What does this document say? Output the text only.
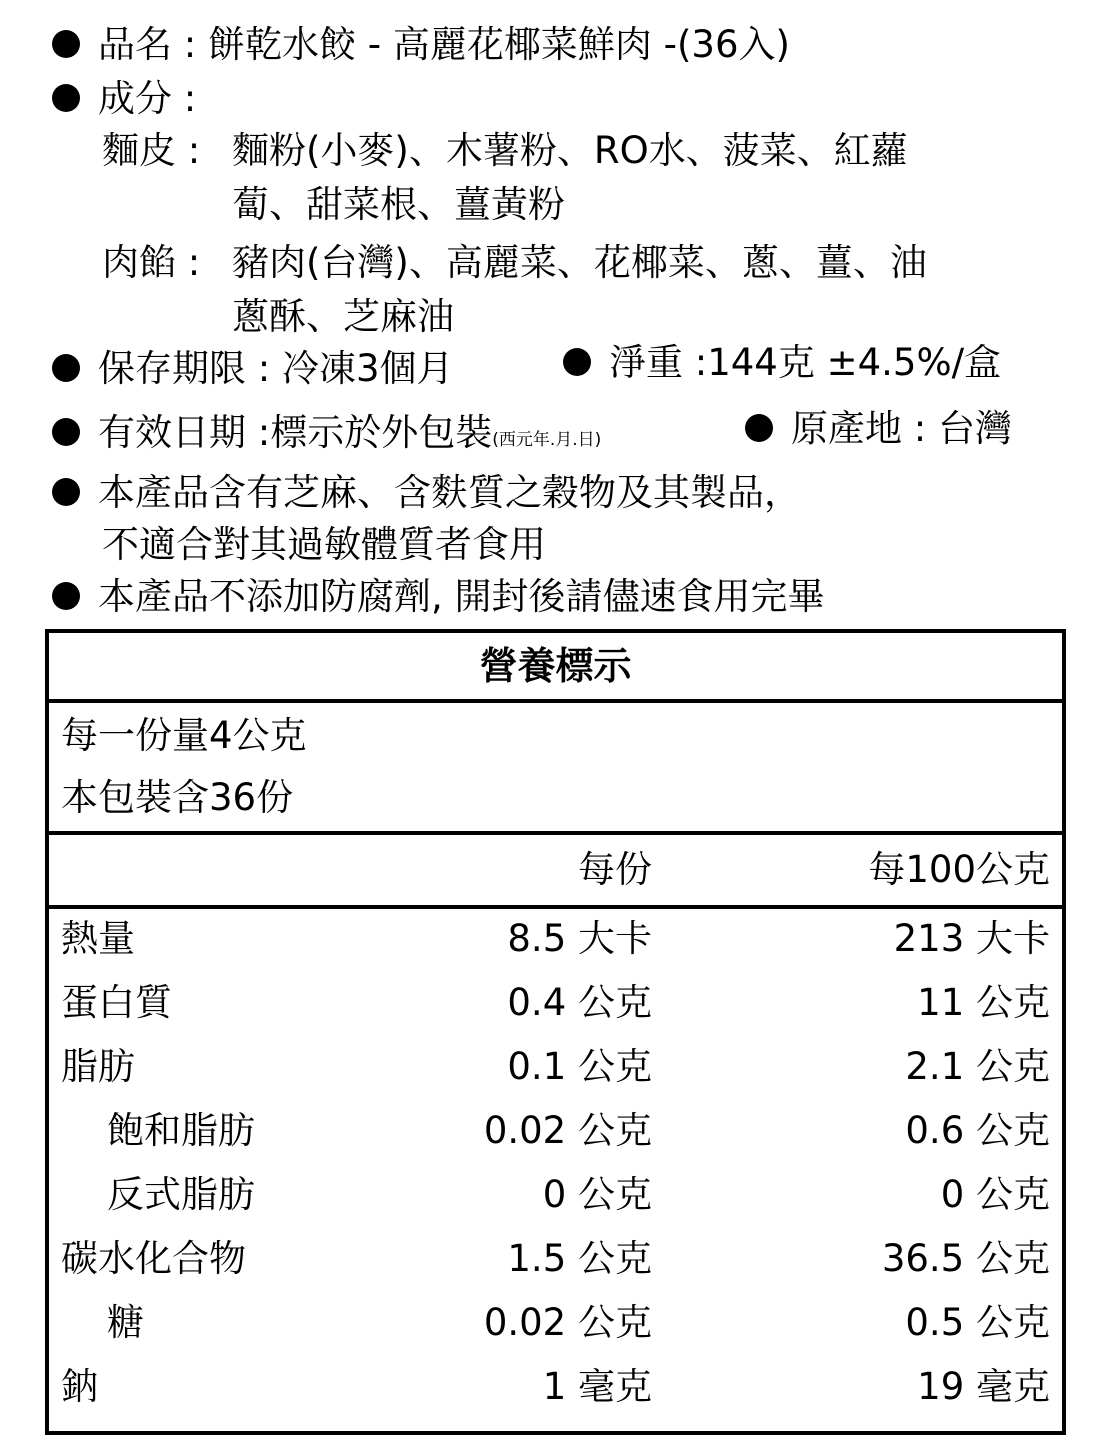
品名 : 餅乾水餃 - 高麗花椰菜鮮肉 -(36入)
成分 :
麵皮 : 麵粉(小麥)、木薯粉、RO水、菠菜、紅蘿
蔔、甜菜根、薑黃粉
肉餡 : 豬肉(台灣)、高麗菜、花椰菜、蔥、薑、油
蔥酥、芝麻油
保存期限 : 冷凍3個月	淨重 :144克 ±4.5%/盒
有效日期 :標示於外包裝(西元年.月.日)	原產地 : 台灣
本產品含有芝麻、含麩質之穀物及其製品，
不適合對其過敏體質者食用
本產品不添加防腐劑, 開封後請儘速食用完畢
營養標示
每一份量4公克
本包裝含36份
每份	每100公克
熱量	8.5 大卡	213 大卡
蛋白質	0.4 公克	11 公克
脂肪	0.1 公克	2.1 公克
飽和脂肪	0.02 公克	0.6 公克
反式脂肪	0 公克	0 公克
碳水化合物	1.5 公克	36.5 公克
糖	0.02 公克	0.5 公克
鈉	1 毫克	19 毫克
